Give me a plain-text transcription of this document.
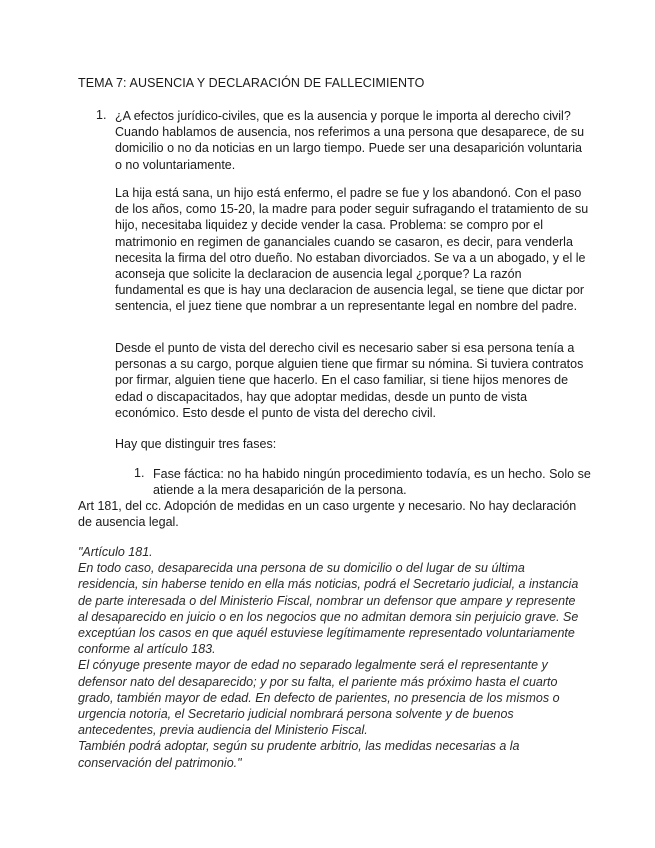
TEMA 7: AUSENCIA Y DECLARACIÓN DE FALLECIMIENTO
1. ¿A efectos jurídico-civiles, que es la ausencia y porque le importa al derecho civil? Cuando hablamos de ausencia, nos referimos a una persona que desaparece, de su domicilio o no da noticias en un largo tiempo. Puede ser una desaparición voluntaria o no voluntariamente.

La hija está sana, un hijo está enfermo, el padre se fue y los abandonó. Con el paso de los años, como 15-20, la madre para poder seguir sufragando el tratamiento de su hijo, necesitaba liquidez y decide vender la casa. Problema: se compro por el matrimonio en regimen de gananciales cuando se casaron, es decir, para venderla necesita la firma del otro dueño. No estaban divorciados. Se va a un abogado, y el le aconseja que solicite la declaracion de ausencia legal ¿porque? La razón fundamental es que is hay una declaracion de ausencia legal, se tiene que dictar por sentencia, el juez tiene que nombrar a un representante legal en nombre del padre.

Desde el punto de vista del derecho civil es necesario saber si esa persona tenía a personas a su cargo, porque alguien tiene que firmar su nómina. Si tuviera contratos por firmar, alguien tiene que hacerlo. En el caso familiar, si tiene hijos menores de edad o discapacitados, hay que adoptar medidas, desde un punto de vista económico. Esto desde el punto de vista del derecho civil.

Hay que distinguir tres fases:

1. Fase fáctica: no ha habido ningún procedimiento todavía, es un hecho. Solo se atiende a la mera desaparición de la persona.

Art 181, del cc. Adopción de medidas en un caso urgente y necesario. No hay declaración de ausencia legal.

"Artículo 181.

En todo caso, desaparecida una persona de su domicilio o del lugar de su última residencia, sin haberse tenido en ella más noticias, podrá el Secretario judicial, a instancia de parte interesada o del Ministerio Fiscal, nombrar un defensor que ampare y represente al desaparecido en juicio o en los negocios que no admitan demora sin perjuicio grave. Se exceptúan los casos en que aquél estuviese legítimamente representado voluntariamente conforme al artículo 183.

El cónyuge presente mayor de edad no separado legalmente será el representante y defensor nato del desaparecido; y por su falta, el pariente más próximo hasta el cuarto grado, también mayor de edad. En defecto de parientes, no presencia de los mismos o urgencia notoria, el Secretario judicial nombrará persona solvente y de buenos antecedentes, previa audiencia del Ministerio Fiscal.

También podrá adoptar, según su prudente arbitrio, las medidas necesarias a la conservación del patrimonio."
